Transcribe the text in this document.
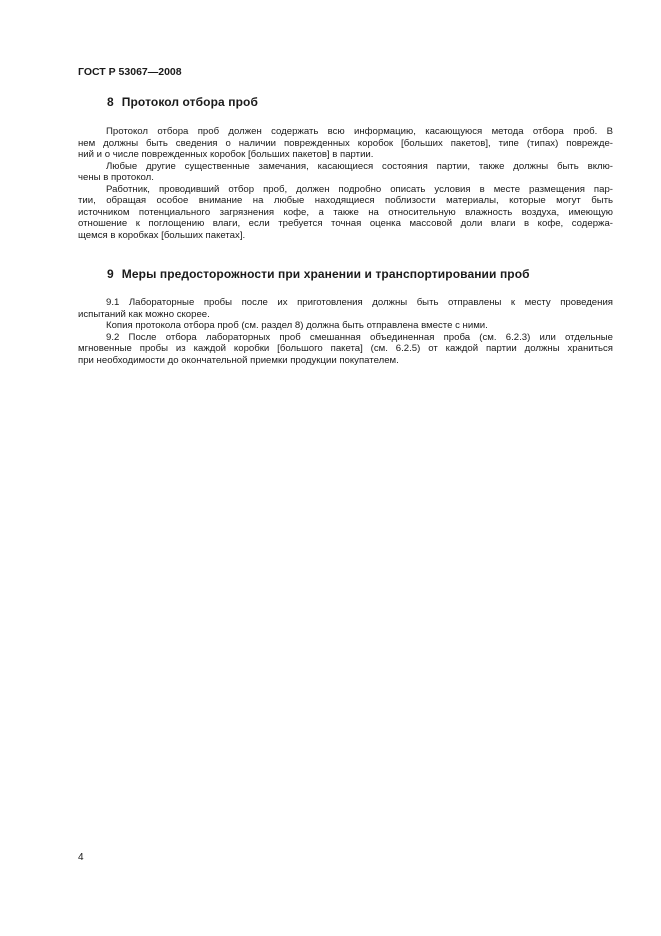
ГОСТ Р 53067—2008
8 Протокол отбора проб
Протокол отбора проб должен содержать всю информацию, касающуюся метода отбора проб. В
нем должны быть сведения о наличии поврежденных коробок [больших пакетов], типе (типах) поврежде-
ний и о числе поврежденных коробок [больших пакетов] в партии.
Любые другие существенные замечания, касающиеся состояния партии, также должны быть вклю-
чены в протокол.
Работник, проводивший отбор проб, должен подробно описать условия в месте размещения пар-
тии, обращая особое внимание на любые находящиеся поблизости материалы, которые могут быть
источником потенциального загрязнения кофе, а также на относительную влажность воздуха, имеющую
отношение к поглощению влаги, если требуется точная оценка массовой доли влаги в кофе, содержа-
щемся в коробках [больших пакетах].
9 Меры предосторожности при хранении и транспортировании проб
9.1 Лабораторные пробы после их приготовления должны быть отправлены к месту проведения
испытаний как можно скорее.
Копия протокола отбора проб (см. раздел 8) должна быть отправлена вместе с ними.
9.2 После отбора лабораторных проб смешанная объединенная проба (см. 6.2.3) или отдельные
мгновенные пробы из каждой коробки [большого пакета] (см. 6.2.5) от каждой партии должны храниться
при необходимости до окончательной приемки продукции покупателем.
4
